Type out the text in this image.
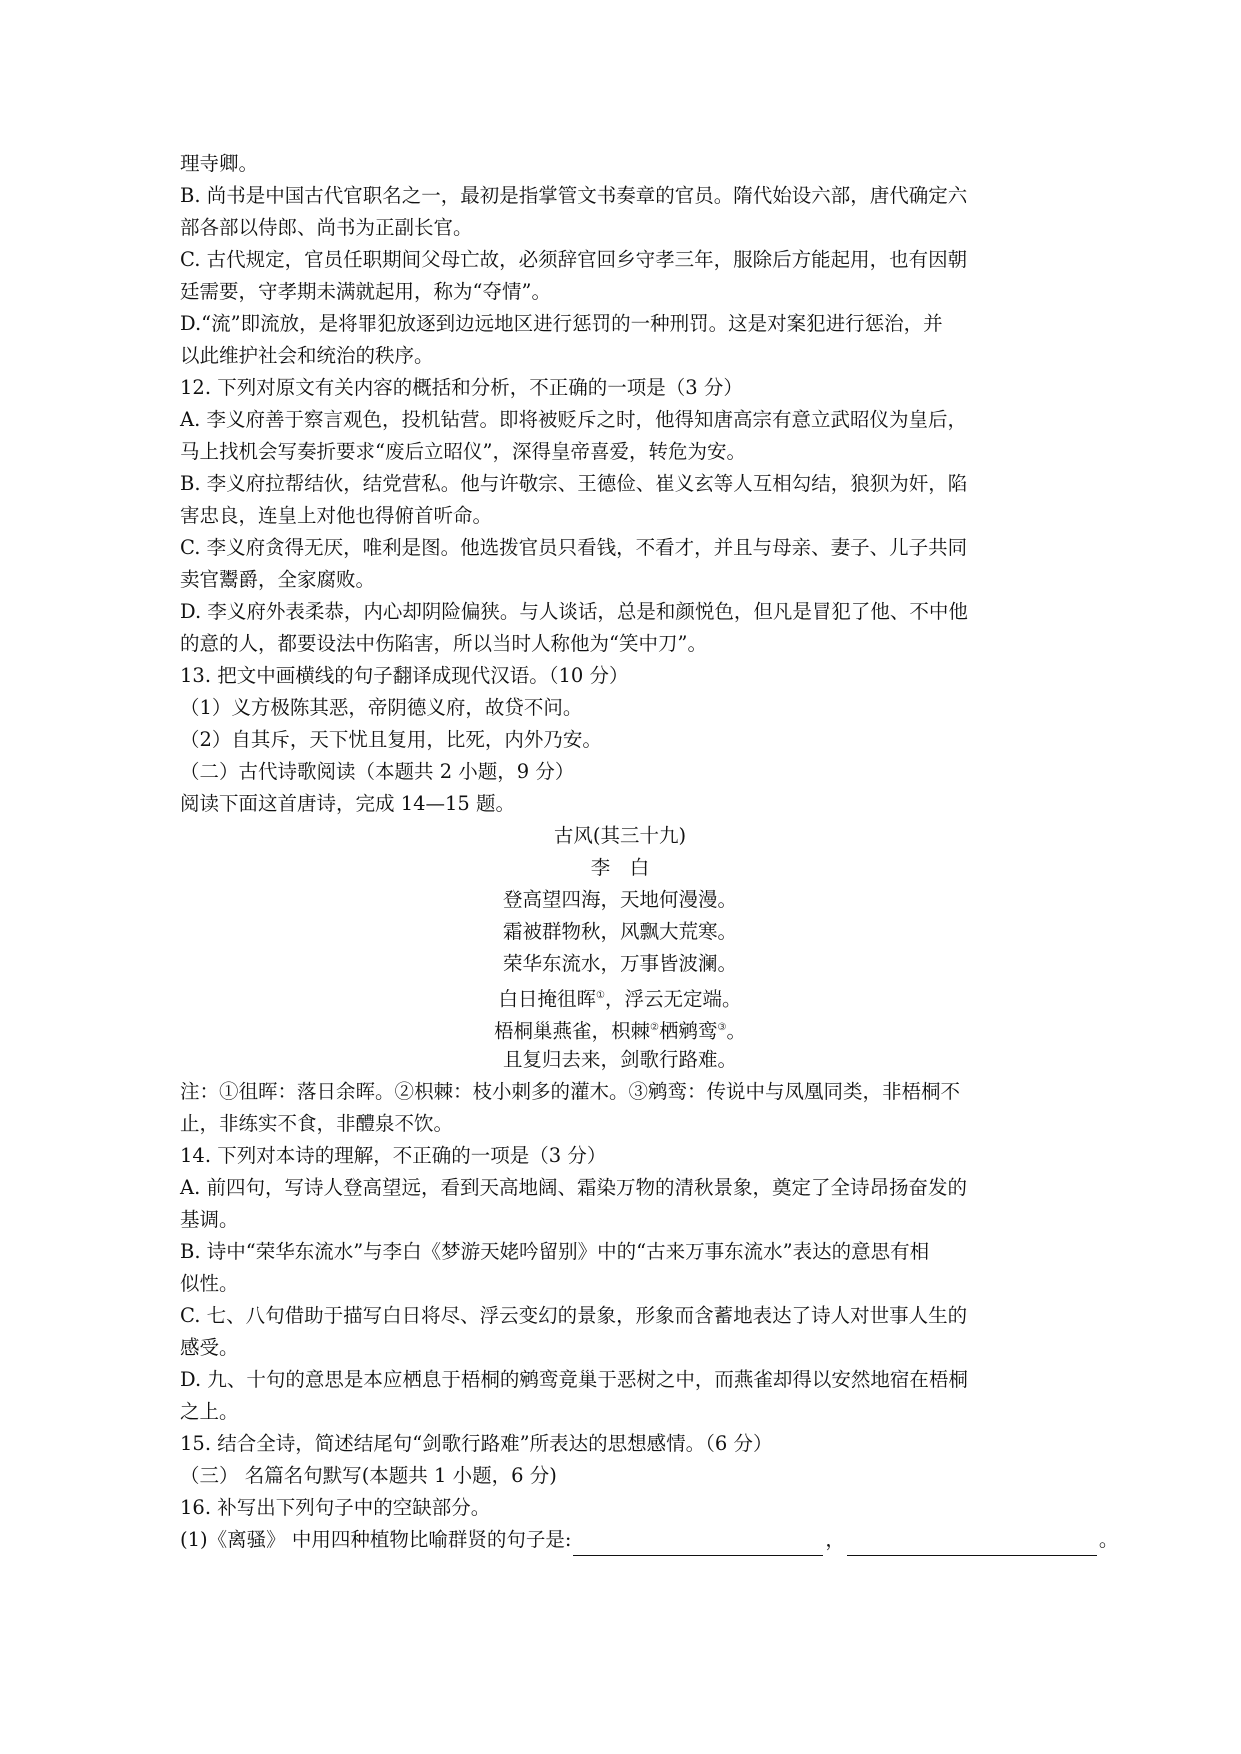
理寺卿。
B. 尚书是中国古代官职名之一，最初是指掌管文书奏章的官员。隋代始设六部，唐代确定六
部各部以侍郎、尚书为正副长官。
C. 古代规定，官员任职期间父母亡故，必须辞官回乡守孝三年，服除后方能起用，也有因朝
廷需要，守孝期未满就起用，称为“夺情”。
D.“流”即流放，是将罪犯放逐到边远地区进行惩罚的一种刑罚。这是对案犯进行惩治，并
以此维护社会和统治的秩序。
12. 下列对原文有关内容的概括和分析，不正确的一项是（3 分）
A. 李义府善于察言观色，投机钻营。即将被贬斥之时，他得知唐高宗有意立武昭仪为皇后，
马上找机会写奏折要求“废后立昭仪”，深得皇帝喜爱，转危为安。
B. 李义府拉帮结伙，结党营私。他与许敬宗、王德俭、崔义玄等人互相勾结，狼狈为奸，陷
害忠良，连皇上对他也得俯首听命。
C. 李义府贪得无厌，唯利是图。他选拨官员只看钱，不看才，并且与母亲、妻子、儿子共同
卖官鬻爵，全家腐败。
D. 李义府外表柔恭，内心却阴险偏狭。与人谈话，总是和颜悦色，但凡是冒犯了他、不中他
的意的人，都要设法中伤陷害，所以当时人称他为“笑中刀”。
13. 把文中画横线的句子翻译成现代汉语。（10 分）
（1）义方极陈其恶，帝阴德义府，故贷不问。
（2）自其斥，天下忧且复用，比死，内外乃安。
（二）古代诗歌阅读（本题共 2 小题，9 分）
阅读下面这首唐诗，完成 14—15 题。
古风(其三十九)
李　白
登高望四海，天地何漫漫。
霜被群物秋，风飘大荒寒。
荣华东流水，万事皆波澜。
白日掩徂晖①，浮云无定端。
梧桐巢燕雀，枳棘②栖鹓鸾③。
且复归去来，剑歌行路难。
注：①徂晖：落日余晖。②枳棘：枝小刺多的灌木。③鹓鸾：传说中与凤凰同类，非梧桐不
止，非练实不食，非醴泉不饮。
14. 下列对本诗的理解，不正确的一项是（3 分）
A. 前四句，写诗人登高望远，看到天高地阔、霜染万物的清秋景象，奠定了全诗昂扬奋发的
基调。
B. 诗中“荣华东流水”与李白《梦游天姥吟留别》中的“古来万事东流水”表达的意思有相
似性。
C. 七、八句借助于描写白日将尽、浮云变幻的景象，形象而含蓄地表达了诗人对世事人生的
感受。
D. 九、十句的意思是本应栖息于梧桐的鹓鸾竟巢于恶树之中，而燕雀却得以安然地宿在梧桐
之上。
15. 结合全诗，简述结尾句“剑歌行路难”所表达的思想感情。（6 分）
（三） 名篇名句默写(本题共 1 小题，6 分)
16. 补写出下列句子中的空缺部分。
(1)《离骚》 中用四种植物比喻群贤的句子是:	，	。
